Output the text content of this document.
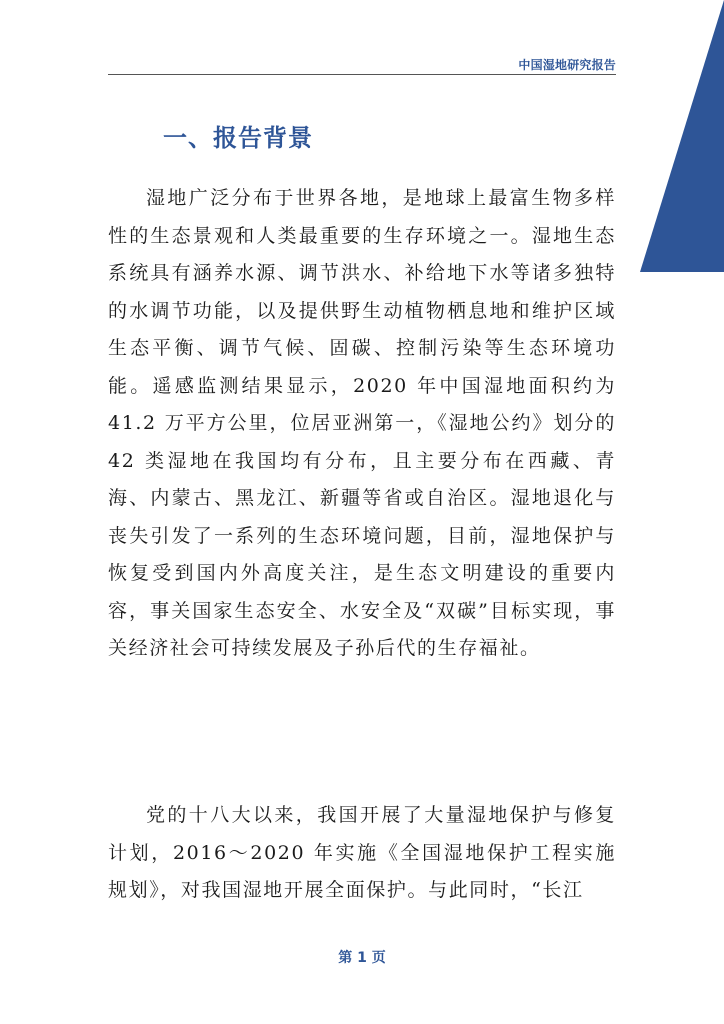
中国湿地研究报告
一、报告背景

湿地广泛分布于世界各地，是地球上最富生物多样性的生态景观和人类最重要的生存环境之一。湿地生态系统具有涵养水源、调节洪水、补给地下水等诸多独特的水调节功能，以及提供野生动植物栖息地和维护区域生态平衡、调节气候、固碳、控制污染等生态环境功能。遥感监测结果显示，2020 年中国湿地面积约为 41.2 万平方公里，位居亚洲第一，《湿地公约》划分的 42 类湿地在我国均有分布，且主要分布在西藏、青海、内蒙古、黑龙江、新疆等省或自治区。湿地退化与丧失引发了一系列的生态环境问题，目前，湿地保护与恢复受到国内外高度关注，是生态文明建设的重要内容，事关国家生态安全、水安全及“双碳”目标实现，事关经济社会可持续发展及子孙后代的生存福祉。

党的十八大以来，我国开展了大量湿地保护与修复计划，2016～2020 年实施《全国湿地保护工程实施规划》，对我国湿地开展全面保护。与此同时，“长江

第 1 页
